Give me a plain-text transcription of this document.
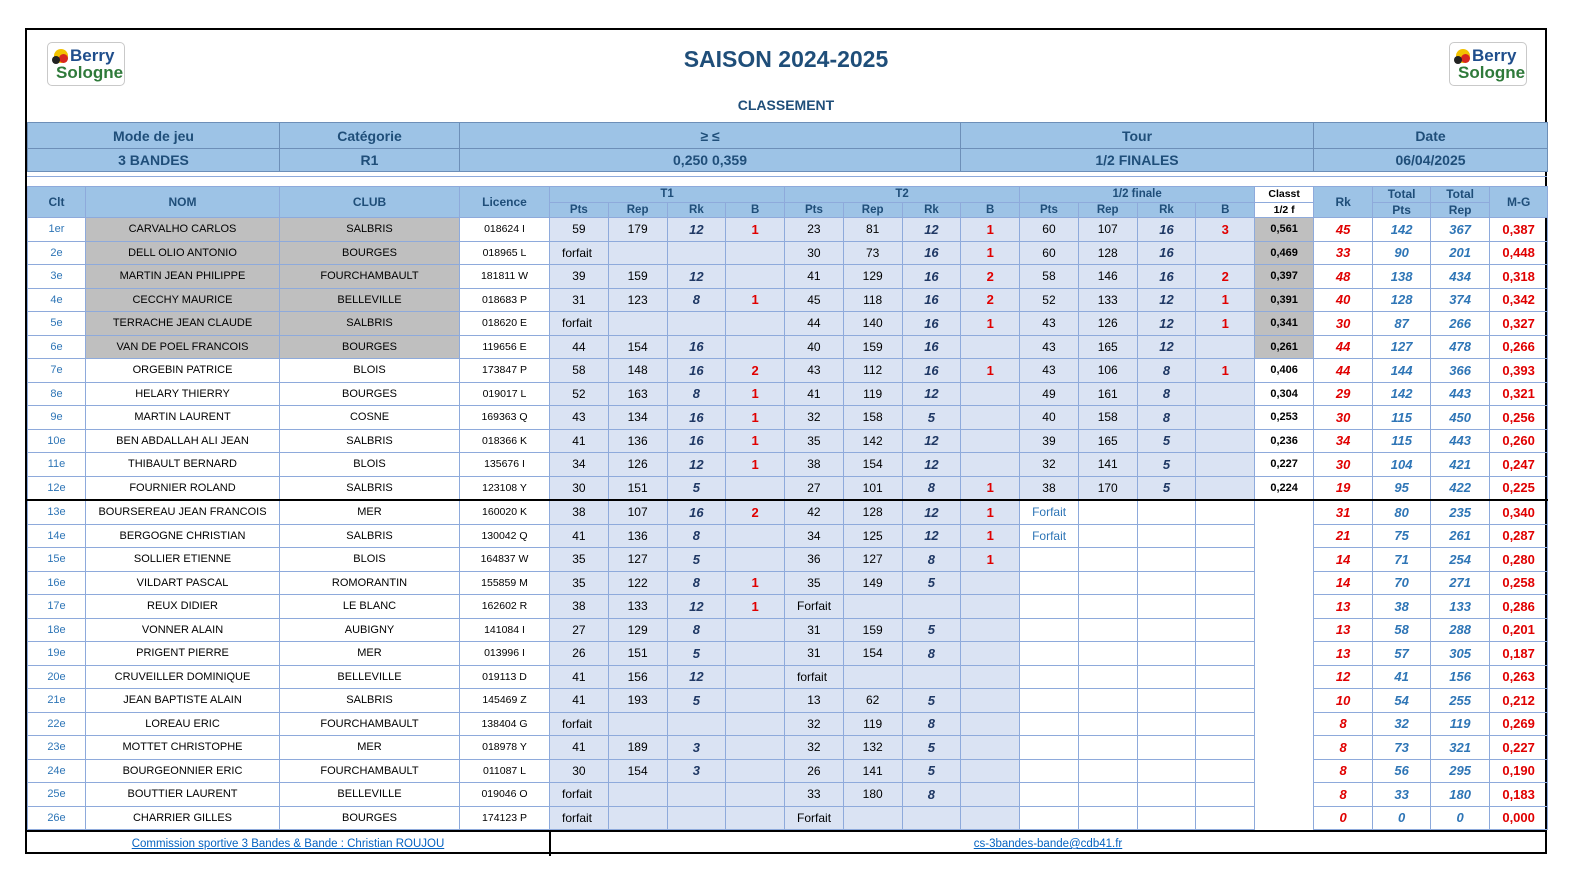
Berry
Sologne
Berry
Sologne
SAISON 2024-2025
CLASSEMENT
Mode de jeu	Catégorie	≥ ≤	Tour	Date
3 BANDES	R1	0,250 0,359	1/2 FINALES	06/04/2025
Clt	NOM	CLUB	Licence	T1				T2				1/2 finale				Classt	Rk	Total	Total	M-G
				Pts	Rep	Rk	B	Pts	Rep	Rk	B	Pts	Rep	Rk	B	1/2 f		Pts	Rep	
1er	CARVALHO CARLOS	SALBRIS	018624 I	59	179	12	1	23	81	12	1	60	107	16	3	0,561	45	142	367	0,387
2e	DELL OLIO ANTONIO	BOURGES	018965 L	forfait				30	73	16	1	60	128	16		0,469	33	90	201	0,448
3e	MARTIN JEAN PHILIPPE	FOURCHAMBAULT	181811 W	39	159	12		41	129	16	2	58	146	16	2	0,397	48	138	434	0,318
4e	CECCHY MAURICE	BELLEVILLE	018683 P	31	123	8	1	45	118	16	2	52	133	12	1	0,391	40	128	374	0,342
5e	TERRACHE JEAN CLAUDE	SALBRIS	018620 E	forfait				44	140	16	1	43	126	12	1	0,341	30	87	266	0,327
6e	VAN DE POEL FRANCOIS	BOURGES	119656 E	44	154	16		40	159	16		43	165	12		0,261	44	127	478	0,266
7e	ORGEBIN PATRICE	BLOIS	173847 P	58	148	16	2	43	112	16	1	43	106	8	1	0,406	44	144	366	0,393
8e	HELARY THIERRY	BOURGES	019017 L	52	163	8	1	41	119	12		49	161	8		0,304	29	142	443	0,321
9e	MARTIN LAURENT	COSNE	169363 Q	43	134	16	1	32	158	5		40	158	8		0,253	30	115	450	0,256
10e	BEN ABDALLAH ALI JEAN	SALBRIS	018366 K	41	136	16	1	35	142	12		39	165	5		0,236	34	115	443	0,260
11e	THIBAULT BERNARD	BLOIS	135676 I	34	126	12	1	38	154	12		32	141	5		0,227	30	104	421	0,247
12e	FOURNIER ROLAND	SALBRIS	123108 Y	30	151	5		27	101	8	1	38	170	5		0,224	19	95	422	0,225
13e	BOURSEREAU JEAN FRANCOIS	MER	160020 K	38	107	16	2	42	128	12	1	Forfait					31	80	235	0,340
14e	BERGOGNE CHRISTIAN	SALBRIS	130042 Q	41	136	8		34	125	12	1	Forfait					21	75	261	0,287
15e	SOLLIER ETIENNE	BLOIS	164837 W	35	127	5		36	127	8	1						14	71	254	0,280
16e	VILDART PASCAL	ROMORANTIN	155859 M	35	122	8	1	35	149	5							14	70	271	0,258
17e	REUX DIDIER	LE BLANC	162602 R	38	133	12	1	Forfait									13	38	133	0,286
18e	VONNER ALAIN	AUBIGNY	141084 I	27	129	8		31	159	5							13	58	288	0,201
19e	PRIGENT PIERRE	MER	013996 I	26	151	5		31	154	8							13	57	305	0,187
20e	CRUVEILLER DOMINIQUE	BELLEVILLE	019113 D	41	156	12		forfait									12	41	156	0,263
21e	JEAN BAPTISTE ALAIN	SALBRIS	145469 Z	41	193	5		13	62	5							10	54	255	0,212
22e	LOREAU ERIC	FOURCHAMBAULT	138404 G	forfait				32	119	8							8	32	119	0,269
23e	MOTTET CHRISTOPHE	MER	018978 Y	41	189	3		32	132	5							8	73	321	0,227
24e	BOURGEONNIER ERIC	FOURCHAMBAULT	011087 L	30	154	3		26	141	5							8	56	295	0,190
25e	BOUTTIER LAURENT	BELLEVILLE	019046 O	forfait				33	180	8							8	33	180	0,183
26e	CHARRIER GILLES	BOURGES	174123 P	forfait				Forfait									0	0	0	0,000
Commission sportive 3 Bandes & Bande : Christian ROUJOU	cs-3bandes-bande@cdb41.fr
